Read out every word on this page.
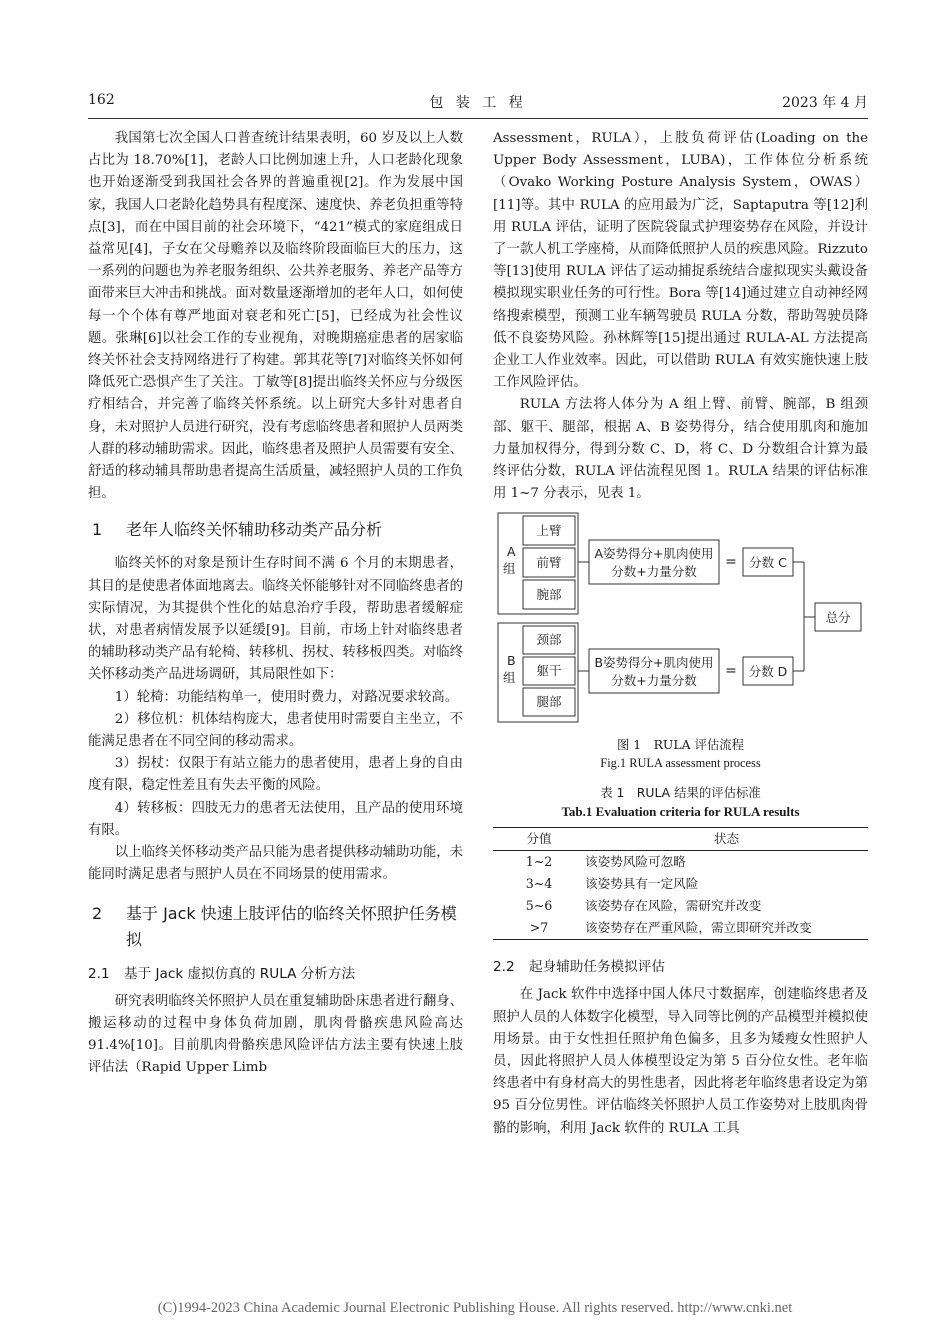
162	包 装 工 程	2023 年 4 月

我国第七次全国人口普查统计结果表明，60 岁及以上人数占比为 18.70%[1]，老龄人口比例加速上升，人口老龄化现象也开始逐渐受到我国社会各界的普遍重视[2]。作为发展中国家，我国人口老龄化趋势具有程度深、速度快、养老负担重等特点[3]，而在中国目前的社会环境下，“421”模式的家庭组成日益常见[4]，子女在父母赡养以及临终阶段面临巨大的压力，这一系列的问题也为养老服务组织、公共养老服务、养老产品等方面带来巨大冲击和挑战。面对数量逐渐增加的老年人口，如何使每一个个体有尊严地面对衰老和死亡[5]，已经成为社会性议题。张琳[6]以社会工作的专业视角，对晚期癌症患者的居家临终关怀社会支持网络进行了构建。郭其花等[7]对临终关怀如何降低死亡恐惧产生了关注。丁敏等[8]提出临终关怀应与分级医疗相结合，并完善了临终关怀系统。以上研究大多针对患者自身，未对照护人员进行研究，没有考虑临终患者和照护人员两类人群的移动辅助需求。因此，临终患者及照护人员需要有安全、舒适的移动辅具帮助患者提高生活质量，减轻照护人员的工作负担。

1	老年人临终关怀辅助移动类产品分析

临终关怀的对象是预计生存时间不满 6 个月的末期患者，其目的是使患者体面地离去。临终关怀能够针对不同临终患者的实际情况，为其提供个性化的姑息治疗手段，帮助患者缓解症状，对患者病情发展予以延缓[9]。目前，市场上针对临终患者的辅助移动类产品有轮椅、转移机、拐杖、转移板四类。对临终关怀移动类产品进场调研，其局限性如下：

1）轮椅：功能结构单一，使用时费力，对路况要求较高。

2）移位机：机体结构庞大，患者使用时需要自主坐立，不能满足患者在不同空间的移动需求。

3）拐杖：仅限于有站立能力的患者使用，患者上身的自由度有限，稳定性差且有失去平衡的风险。

4）转移板：四肢无力的患者无法使用，且产品的使用环境有限。

以上临终关怀移动类产品只能为患者提供移动辅助功能，未能同时满足患者与照护人员在不同场景的使用需求。

2	基于 Jack 快速上肢评估的临终关怀照护任务模拟
2.1 基于 Jack 虚拟仿真的 RULA 分析方法

研究表明临终关怀照护人员在重复辅助卧床患者进行翻身、搬运移动的过程中身体负荷加剧，肌肉骨骼疾患风险高达 91.4%[10]。目前肌肉骨骼疾患风险评估方法主要有快速上肢评估法（Rapid Upper Limb

Assessment，RULA），上肢负荷评估(Loading on the Upper Body Assessment，LUBA)，工作体位分析系统（Ovako Working Posture Analysis System，OWAS）[11]等。其中 RULA 的应用最为广泛，Saptaputra 等[12]利用 RULA 评估，证明了医院袋鼠式护理姿势存在风险，并设计了一款人机工学座椅，从而降低照护人员的疾患风险。Rizzuto 等[13]使用 RULA 评估了运动捕捉系统结合虚拟现实头戴设备模拟现实职业任务的可行性。Bora 等[14]通过建立自动神经网络搜索模型，预测工业车辆驾驶员 RULA 分数，帮助驾驶员降低不良姿势风险。孙林辉等[15]提出通过 RULA-AL 方法提高企业工人作业效率。因此，可以借助 RULA 有效实施快速上肢工作风险评估。

RULA 方法将人体分为 A 组上臂、前臂、腕部，B 组颈部、躯干、腿部，根据 A、B 姿势得分，结合使用肌肉和施加力量加权得分，得到分数 C、D，将 C、D 分数组合计算为最终评估分数，RULA 评估流程见图 1。RULA 结果的评估标准用 1~7 分表示，见表 1。

A
组
上臂
前臂
腕部
B
组
颈部
躯干
腿部
A姿势得分+肌肉使用
分数+力量分数
B姿势得分+肌肉使用
分数+力量分数
=
=
分数 C
分数 D
总分

图 1　RULA 评估流程

Fig.1 RULA assessment process

表 1　RULA 结果的评估标准

Tab.1 Evaluation criteria for RULA results

分值	状态
1~2	该姿势风险可忽略
3~4	该姿势具有一定风险
5~6	该姿势存在风险，需研究并改变
>7	该姿势存在严重风险，需立即研究并改变
2.2 起身辅助任务模拟评估

在 Jack 软件中选择中国人体尺寸数据库，创建临终患者及照护人员的人体数字化模型，导入同等比例的产品模型并模拟使用场景。由于女性担任照护角色偏多，且多为矮瘦女性照护人员，因此将照护人员人体模型设定为第 5 百分位女性。老年临终患者中有身材高大的男性患者，因此将老年临终患者设定为第 95 百分位男性。评估临终关怀照护人员工作姿势对上肢肌肉骨骼的影响，利用 Jack 软件的 RULA 工具

(C)1994-2023 China Academic Journal Electronic Publishing House. All rights reserved. http://www.cnki.net
